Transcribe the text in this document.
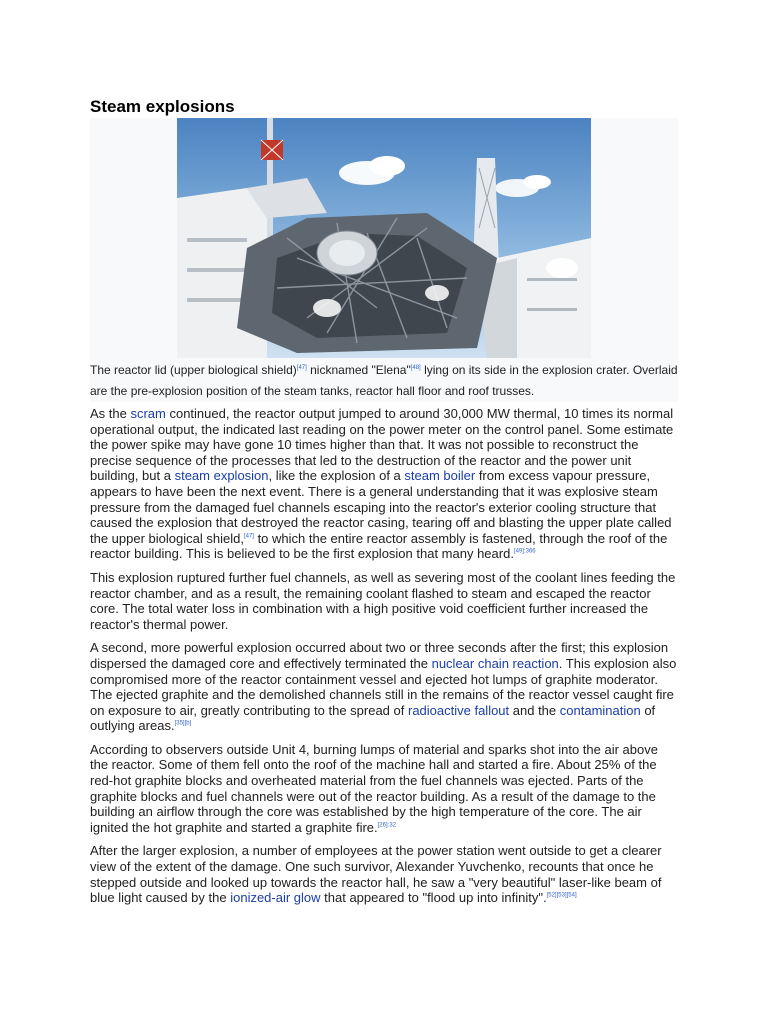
Steam explosions
The reactor lid (upper biological shield)[47] nicknamed "Elena"[48] lying on its side in the explosion crater. Overlaid are the pre-explosion position of the steam tanks, reactor hall floor and roof trusses.

As the scram continued, the reactor output jumped to around 30,000 MW thermal, 10 times its normal operational output, the indicated last reading on the power meter on the control panel. Some estimate the power spike may have gone 10 times higher than that. It was not possible to reconstruct the precise sequence of the processes that led to the destruction of the reactor and the power unit building, but a steam explosion, like the explosion of a steam boiler from excess vapour pressure, appears to have been the next event. There is a general understanding that it was explosive steam pressure from the damaged fuel channels escaping into the reactor's exterior cooling structure that caused the explosion that destroyed the reactor casing, tearing off and blasting the upper plate called the upper biological shield,[47] to which the entire reactor assembly is fastened, through the roof of the reactor building. This is believed to be the first explosion that many heard.$^{[49]:366}$

This explosion ruptured further fuel channels, as well as severing most of the coolant lines feeding the reactor chamber, and as a result, the remaining coolant flashed to steam and escaped the reactor core. The total water loss in combination with a high positive void coefficient further increased the reactor's thermal power.

A second, more powerful explosion occurred about two or three seconds after the first; this explosion dispersed the damaged core and effectively terminated the nuclear chain reaction. This explosion also compromised more of the reactor containment vessel and ejected hot lumps of graphite moderator. The ejected graphite and the demolished channels still in the remains of the reactor vessel caught fire on exposure to air, greatly contributing to the spread of radioactive fallout and the contamination of outlying areas.[35][b]

According to observers outside Unit 4, burning lumps of material and sparks shot into the air above the reactor. Some of them fell onto the roof of the machine hall and started a fire. About 25% of the red-hot graphite blocks and overheated material from the fuel channels was ejected. Parts of the graphite blocks and fuel channels were out of the reactor building. As a result of the damage to the building an airflow through the core was established by the high temperature of the core. The air ignited the hot graphite and started a graphite fire.$^{[26]:32}$

After the larger explosion, a number of employees at the power station went outside to get a clearer view of the extent of the damage. One such survivor, Alexander Yuvchenko, recounts that once he stepped outside and looked up towards the reactor hall, he saw a "very beautiful" laser-like beam of blue light caused by the ionized-air glow that appeared to "flood up into infinity".[52][53][54]
